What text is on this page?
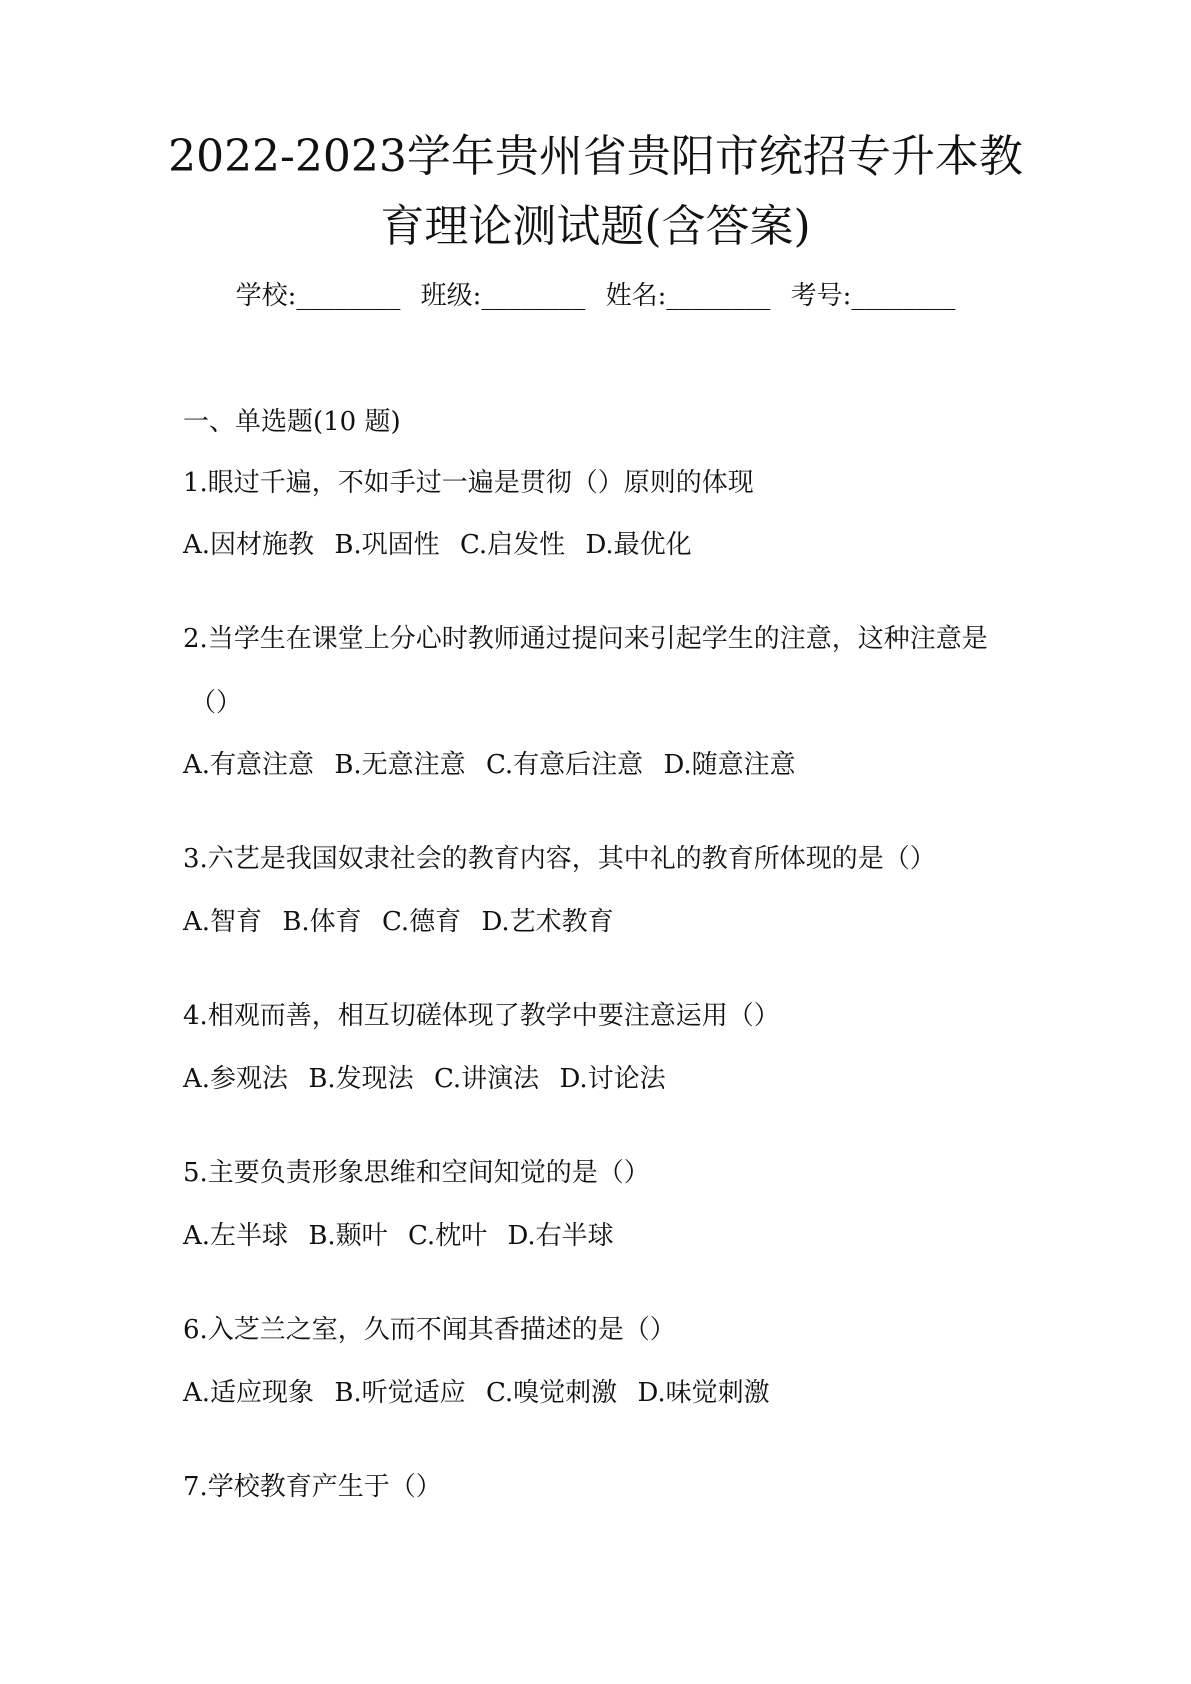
2022-2023学年贵州省贵阳市统招专升本教
育理论测试题(含答案)
学校:________ 班级:________ 姓名:________ 考号:________
一、单选题(10 题)
1.眼过千遍，不如手过一遍是贯彻（）原则的体现
A.因材施教 B.巩固性 C.启发性 D.最优化
2.当学生在课堂上分心时教师通过提问来引起学生的注意，这种注意是
（）
A.有意注意 B.无意注意 C.有意后注意 D.随意注意
3.六艺是我国奴隶社会的教育内容，其中礼的教育所体现的是（）
A.智育 B.体育 C.德育 D.艺术教育
4.相观而善，相互切磋体现了教学中要注意运用（）
A.参观法 B.发现法 C.讲演法 D.讨论法
5.主要负责形象思维和空间知觉的是（）
A.左半球 B.颞叶 C.枕叶 D.右半球
6.入芝兰之室，久而不闻其香描述的是（）
A.适应现象 B.听觉适应 C.嗅觉刺激 D.味觉刺激
7.学校教育产生于（）
